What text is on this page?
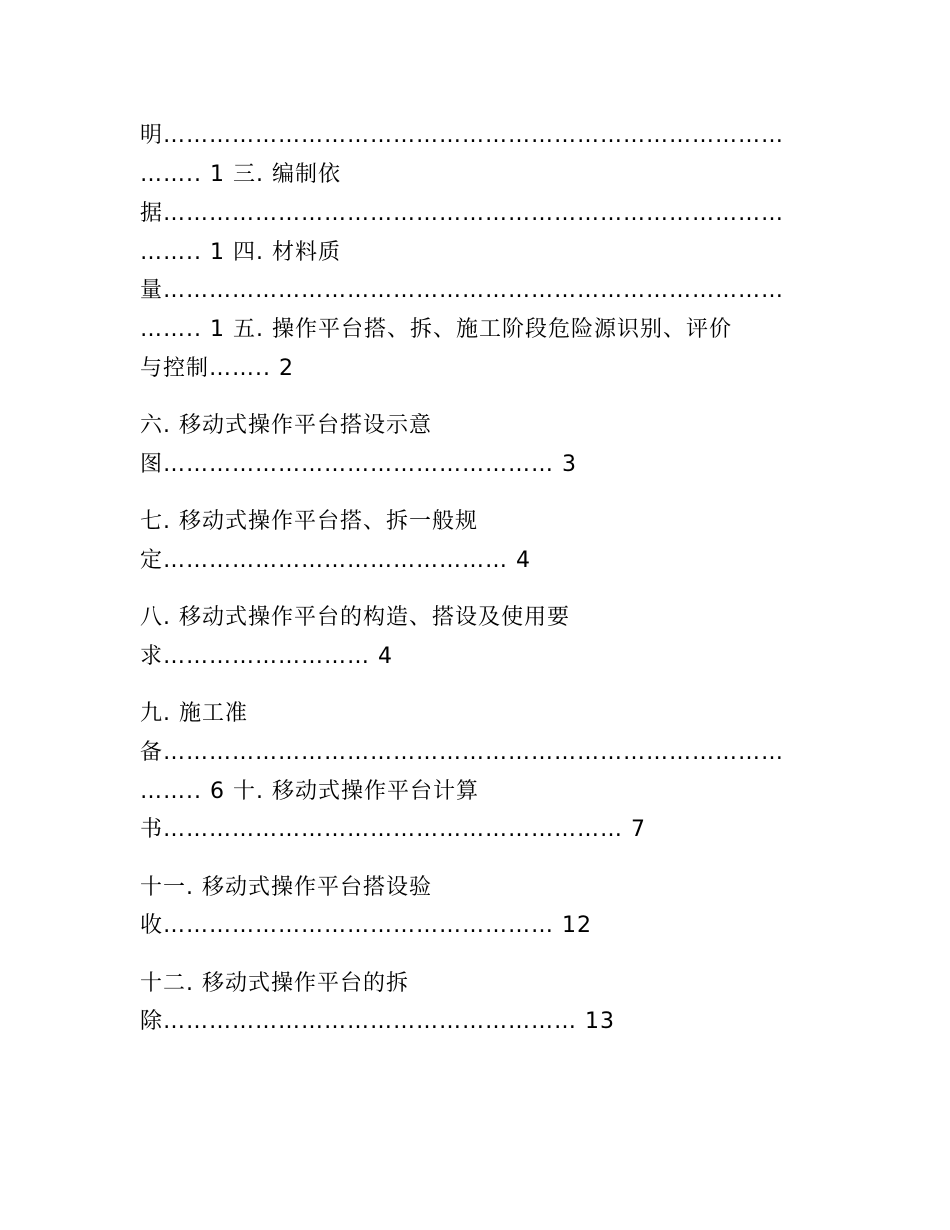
明………………………………………………………………………
…….. 1 三. 编制依
据………………………………………………………………………
…….. 1 四. 材料质
量………………………………………………………………………
…….. 1 五. 操作平台搭、拆、施工阶段危险源识别、评价
与控制…….. 2
六. 移动式操作平台搭设示意
图…………………………………………… 3
七. 移动式操作平台搭、拆一般规
定……………………………………… 4
八. 移动式操作平台的构造、搭设及使用要
求……………………… 4
九. 施工准
备………………………………………………………………………
…….. 6 十. 移动式操作平台计算
书…………………………………………………… 7
十一. 移动式操作平台搭设验
收…………………………………………… 12
十二. 移动式操作平台的拆
除……………………………………………… 13
